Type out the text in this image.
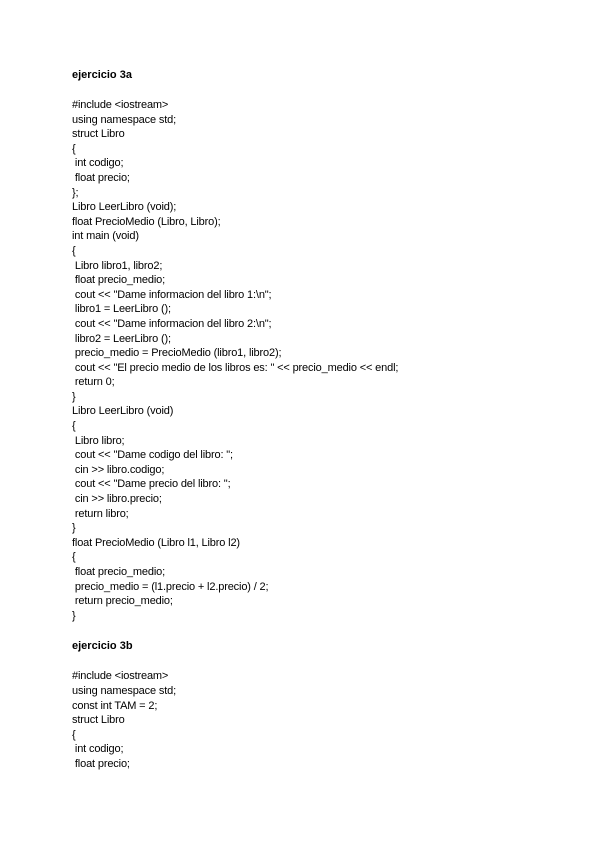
ejercicio 3a
#include <iostream>
using namespace std;
struct Libro
{
int codigo;
float precio;
};
Libro LeerLibro (void);
float PrecioMedio (Libro, Libro);
int main (void)
{
Libro libro1, libro2;
float precio_medio;
cout << "Dame informacion del libro 1:\n";
libro1 = LeerLibro ();
cout << "Dame informacion del libro 2:\n";
libro2 = LeerLibro ();
precio_medio = PrecioMedio (libro1, libro2);
cout << "El precio medio de los libros es: " << precio_medio << endl;
return 0;
}
Libro LeerLibro (void)
{
Libro libro;
cout << "Dame codigo del libro: ";
cin >> libro.codigo;
cout << "Dame precio del libro: ";
cin >> libro.precio;
return libro;
}
float PrecioMedio (Libro l1, Libro l2)
{
float precio_medio;
precio_medio = (l1.precio + l2.precio) / 2;
return precio_medio;
}
ejercicio 3b
#include <iostream>
using namespace std;
const int TAM = 2;
struct Libro
{
int codigo;
float precio;
